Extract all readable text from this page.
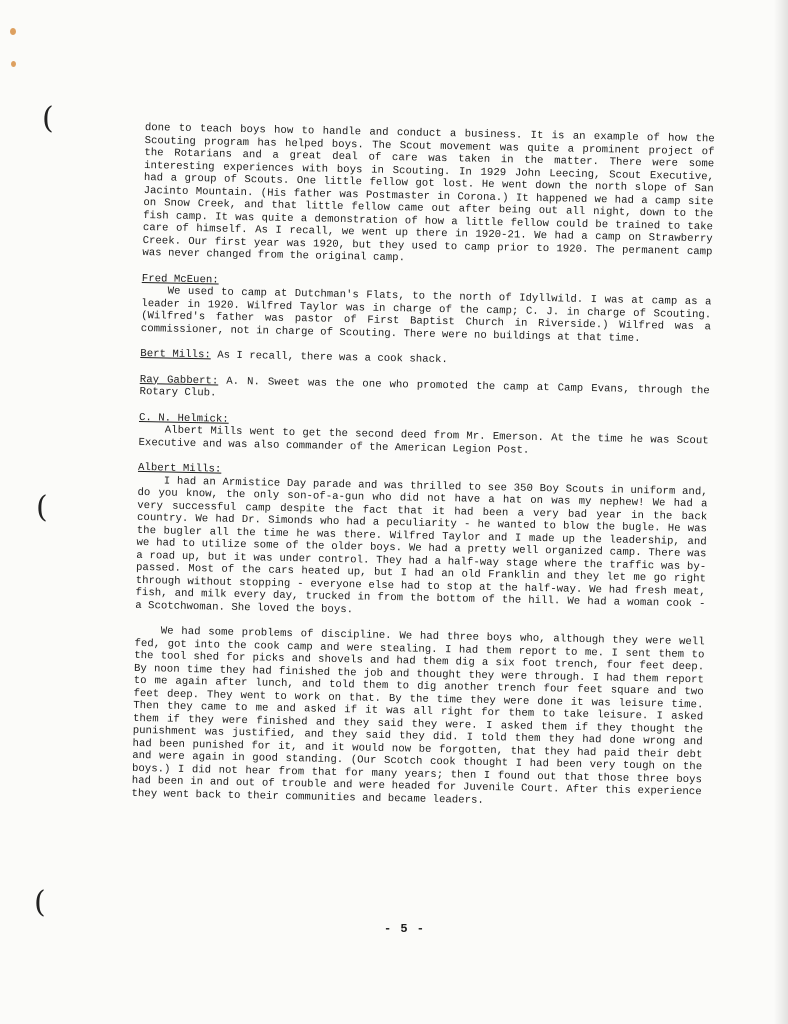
(
(
(

done to teach boys how to handle and conduct a business. It is an example of how the Scouting program has helped boys. The Scout movement was quite a prominent project of the Rotarians and a great deal of care was taken in the matter. There were some interesting experiences with boys in Scouting. In 1929 John Leecing, Scout Executive, had a group of Scouts. One little fellow got lost. He went down the north slope of San Jacinto Mountain. (His father was Postmaster in Corona.) It happened we had a camp site on Snow Creek, and that little fellow came out after being out all night, down to the fish camp. It was quite a demonstration of how a little fellow could be trained to take care of himself. As I recall, we went up there in 1920-21. We had a camp on Strawberry Creek. Our first year was 1920, but they used to camp prior to 1920. The permanent camp was never changed from the original camp.

Fred McEuen:
We used to camp at Dutchman's Flats, to the north of Idyllwild. I was at camp as a leader in 1920. Wilfred Taylor was in charge of the camp; C. J. in charge of Scouting. (Wilfred's father was pastor of First Baptist Church in Riverside.) Wilfred was a commissioner, not in charge of Scouting. There were no buildings at that time.

Bert Mills: As I recall, there was a cook shack.

Ray Gabbert: A. N. Sweet was the one who promoted the camp at Camp Evans, through the Rotary Club.

C. N. Helmick:
Albert Mills went to get the second deed from Mr. Emerson. At the time he was Scout Executive and was also commander of the American Legion Post.

Albert Mills:
I had an Armistice Day parade and was thrilled to see 350 Boy Scouts in uniform and, do you know, the only son-of-a-gun who did not have a hat on was my nephew! We had a very successful camp despite the fact that it had been a very bad year in the back country. We had Dr. Simonds who had a peculiarity - he wanted to blow the bugle. He was the bugler all the time he was there. Wilfred Taylor and I made up the leadership, and we had to utilize some of the older boys. We had a pretty well organized camp. There was a road up, but it was under control. They had a half-way stage where the traffic was by-passed. Most of the cars heated up, but I had an old Franklin and they let me go right through without stopping - everyone else had to stop at the half-way. We had fresh meat, fish, and milk every day, trucked in from the bottom of the hill. We had a woman cook - a Scotchwoman. She loved the boys.

We had some problems of discipline. We had three boys who, although they were well fed, got into the cook camp and were stealing. I had them report to me. I sent them to the tool shed for picks and shovels and had them dig a six foot trench, four feet deep. By noon time they had finished the job and thought they were through. I had them report to me again after lunch, and told them to dig another trench four feet square and two feet deep. They went to work on that. By the time they were done it was leisure time. Then they came to me and asked if it was all right for them to take leisure. I asked them if they were finished and they said they were. I asked them if they thought the punishment was justified, and they said they did. I told them they had done wrong and had been punished for it, and it would now be forgotten, that they had paid their debt and were again in good standing. (Our Scotch cook thought I had been very tough on the boys.) I did not hear from that for many years; then I found out that those three boys had been in and out of trouble and were headed for Juvenile Court. After this experience they went back to their communities and became leaders.

- 5 -
